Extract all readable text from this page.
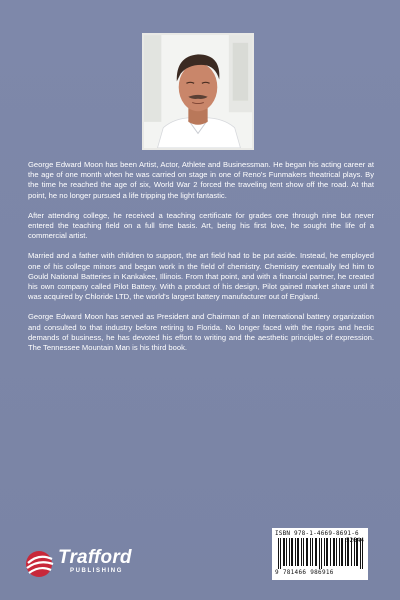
George Edward Moon has been Artist, Actor, Athlete and Businessman. He began his acting career at the age of one month when he was carried on stage in one of Reno's Funmakers theatrical plays. By the time he reached the age of six, World War 2 forced the traveling tent show off the road. At that point, he no longer pursued a life tripping the light fantastic.

After attending college, he received a teaching certificate for grades one through nine but never entered the teaching field on a full time basis. Art, being his first love, he sought the life of a commercial artist.

Married and a father with children to support, the art field had to be put aside. Instead, he employed one of his college minors and began work in the field of chemistry. Chemistry eventually led him to Gould National Batteries in Kankakee, Illinois. From that point, and with a financial partner, he created his own company called Pilot Battery. With a product of his design, Pilot gained market share until it was acquired by Chloride LTD, the world's largest battery manufacturer out of England.

George Edward Moon has served as President and Chairman of an International battery organization and consulted to that industry before retiring to Florida. No longer faced with the rigors and hectic demands of business, he has devoted his effort to writing and the aesthetic principles of expression. The Tennessee Mountain Man is his third book.

Trafford
PUBLISHING
ISBN 978-1-4669-8691-6
52644
9 781466 986916
